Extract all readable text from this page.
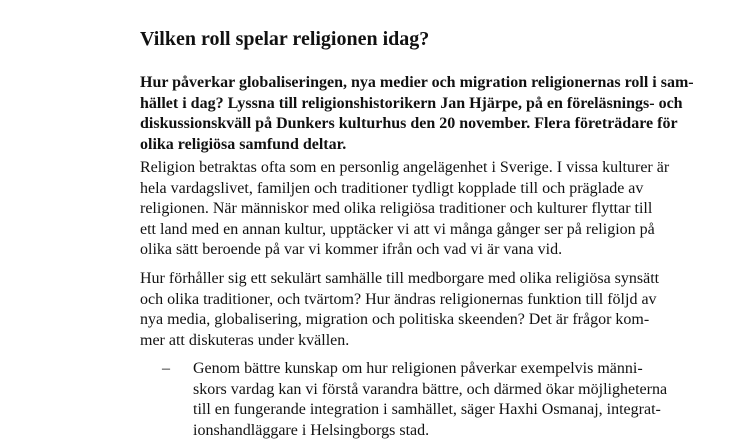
Vilken roll spelar religionen idag?

Hur påverkar globaliseringen, nya medier och migration religionernas roll i sam-
hället i dag? Lyssna till religionshistorikern Jan Hjärpe, på en föreläsnings- och
diskussionskväll på Dunkers kulturhus den 20 november. Flera företrädare för
olika religiösa samfund deltar.

Religion betraktas ofta som en personlig angelägenhet i Sverige. I vissa kulturer är
hela vardagslivet, familjen och traditioner tydligt kopplade till och präglade av
religionen. När människor med olika religiösa traditioner och kulturer flyttar till
ett land med en annan kultur, upptäcker vi att vi många gånger ser på religion på
olika sätt beroende på var vi kommer ifrån och vad vi är vana vid.

Hur förhåller sig ett sekulärt samhälle till medborgare med olika religiösa synsätt
och olika traditioner, och tvärtom? Hur ändras religionernas funktion till följd av
nya media, globalisering, migration och politiska skeenden? Det är frågor kom-
mer att diskuteras under kvällen.

– Genom bättre kunskap om hur religionen påverkar exempelvis männi-
skors vardag kan vi förstå varandra bättre, och därmed ökar möjligheterna
till en fungerande integration i samhället, säger Haxhi Osmanaj, integrat-
ionshandläggare i Helsingborgs stad.
